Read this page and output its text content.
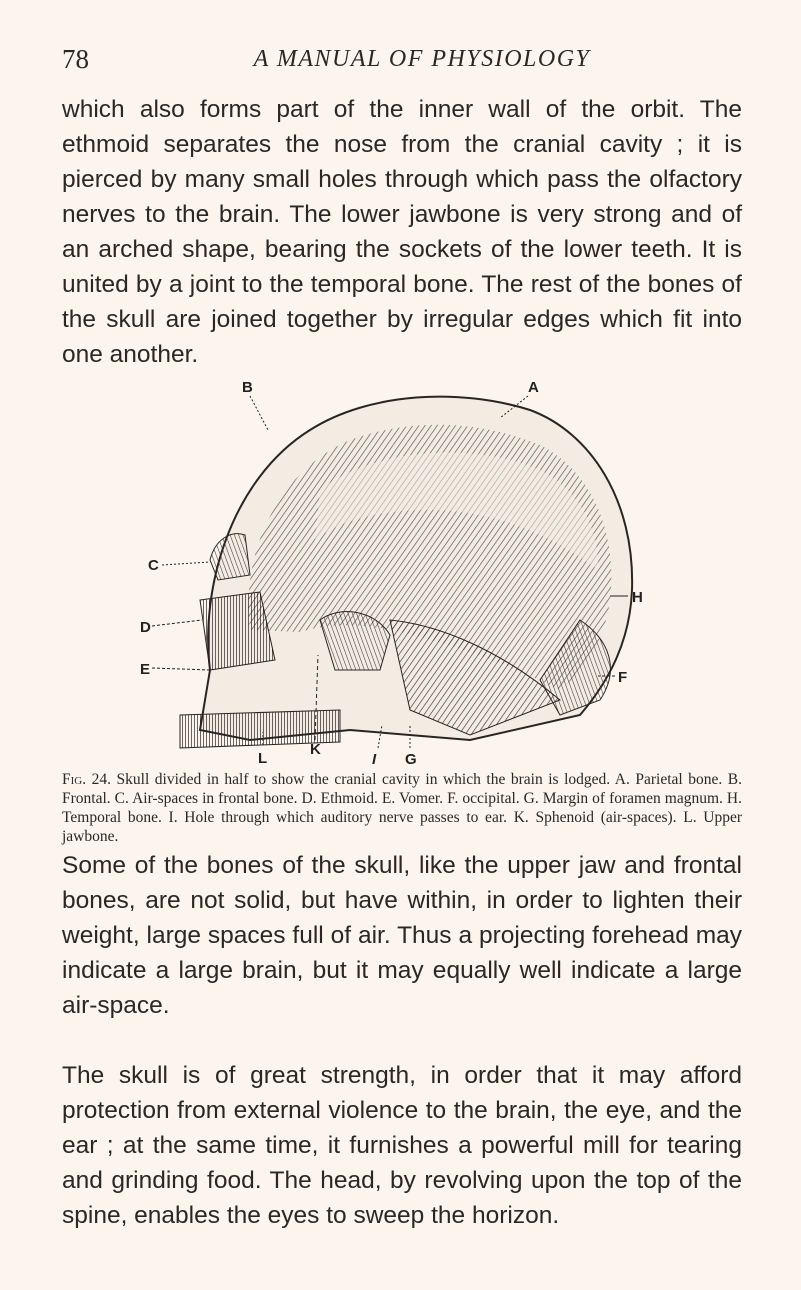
78	A MANUAL OF PHYSIOLOGY

which also forms part of the inner wall of the orbit. The ethmoid separates the nose from the cranial cavity ; it is pierced by many small holes through which pass the olfactory nerves to the brain. The lower jawbone is very strong and of an arched shape, bearing the sockets of the lower teeth. It is united by a joint to the temporal bone. The rest of the bones of the skull are joined together by irregular edges which fit into one another.

B	A
C
D
E
H
F
L
K
I G
Fig. 24. Skull divided in half to show the cranial cavity in which the brain is lodged. A. Parietal bone. B. Frontal. C. Air-spaces in frontal bone. D. Ethmoid. E. Vomer. F. occipital. G. Margin of foramen magnum. H. Temporal bone. I. Hole through which auditory nerve passes to ear. K. Sphenoid (air-spaces). L. Upper jawbone.

Some of the bones of the skull, like the upper jaw and frontal bones, are not solid, but have within, in order to lighten their weight, large spaces full of air. Thus a projecting forehead may indicate a large brain, but it may equally well indicate a large air-space.

The skull is of great strength, in order that it may afford protection from external violence to the brain, the eye, and the ear ; at the same time, it furnishes a powerful mill for tearing and grinding food. The head, by revolving upon the top of the spine, enables the eyes to sweep the horizon.
